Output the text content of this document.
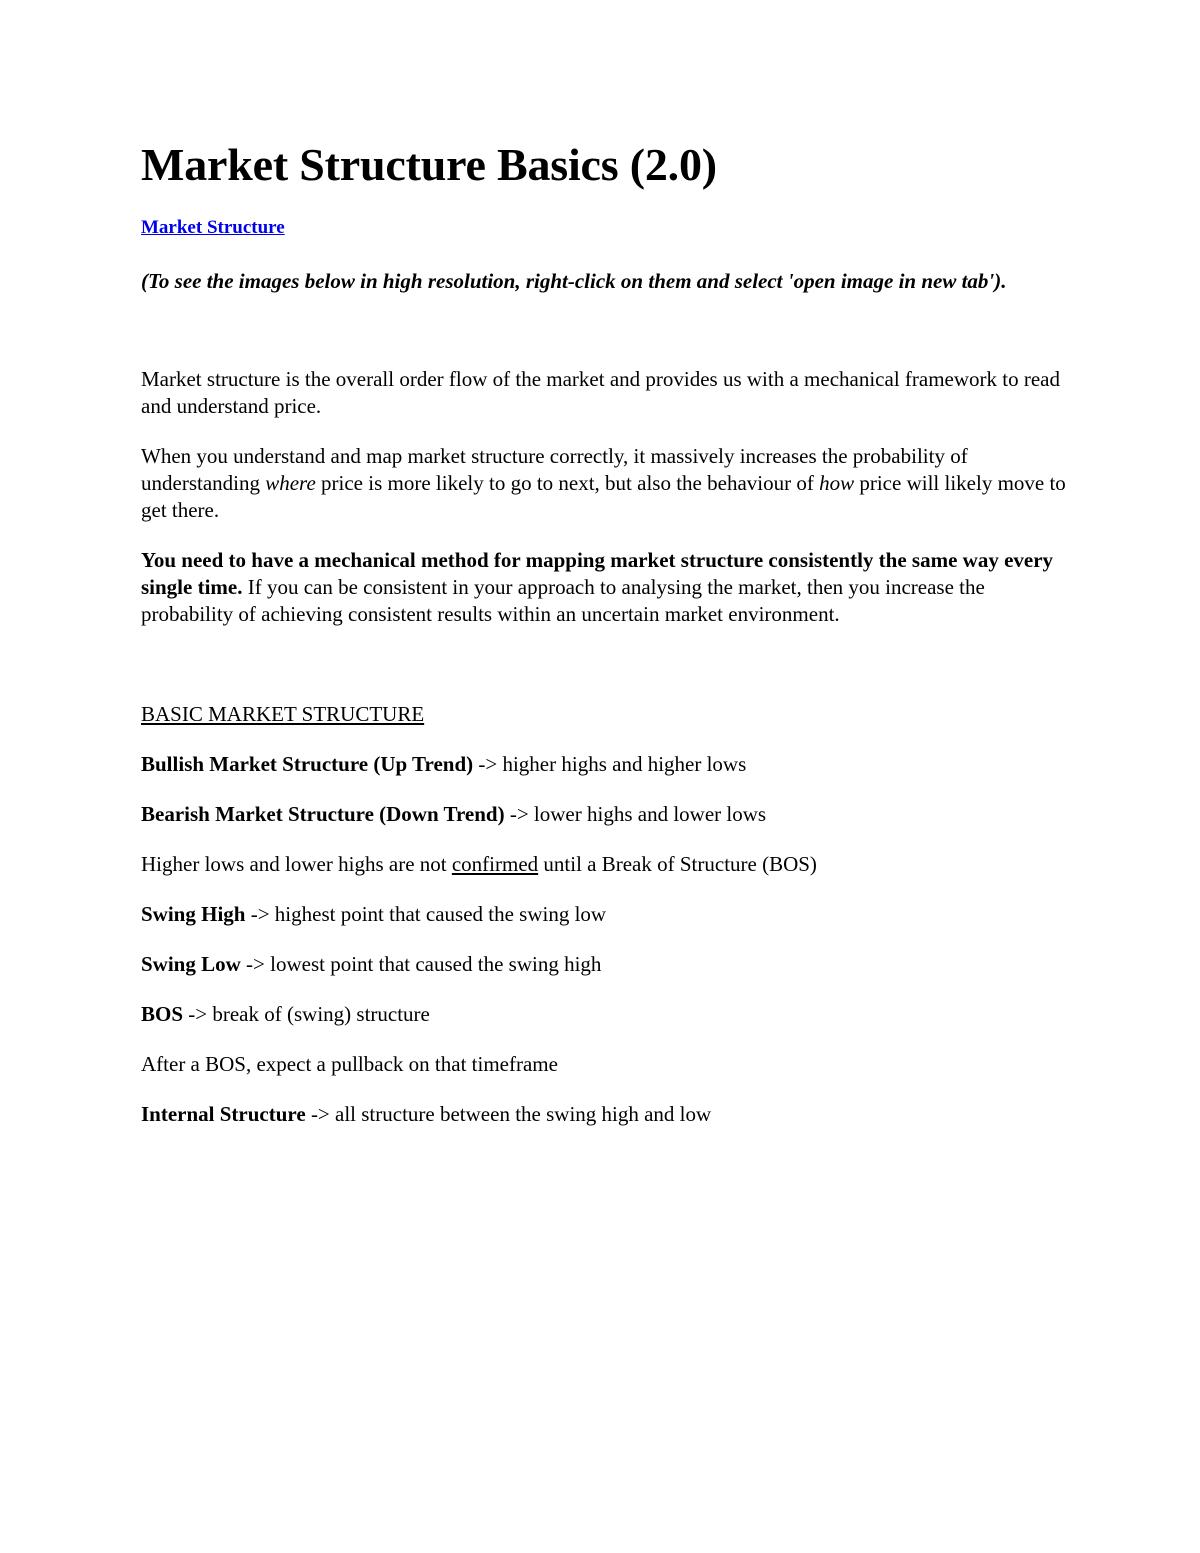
Market Structure Basics (2.0)
Market Structure
(To see the images below in high resolution, right-click on them and select 'open image in new tab').

Market structure is the overall order flow of the market and provides us with a mechanical framework to read and understand price.

When you understand and map market structure correctly, it massively increases the probability of understanding where price is more likely to go to next, but also the behaviour of how price will likely move to get there.

You need to have a mechanical method for mapping market structure consistently the same way every single time. If you can be consistent in your approach to analysing the market, then you increase the probability of achieving consistent results within an uncertain market environment.

BASIC MARKET STRUCTURE

Bullish Market Structure (Up Trend) -> higher highs and higher lows

Bearish Market Structure (Down Trend) -> lower highs and lower lows

Higher lows and lower highs are not confirmed until a Break of Structure (BOS)

Swing High -> highest point that caused the swing low

Swing Low -> lowest point that caused the swing high

BOS -> break of (swing) structure

After a BOS, expect a pullback on that timeframe

Internal Structure -> all structure between the swing high and low
